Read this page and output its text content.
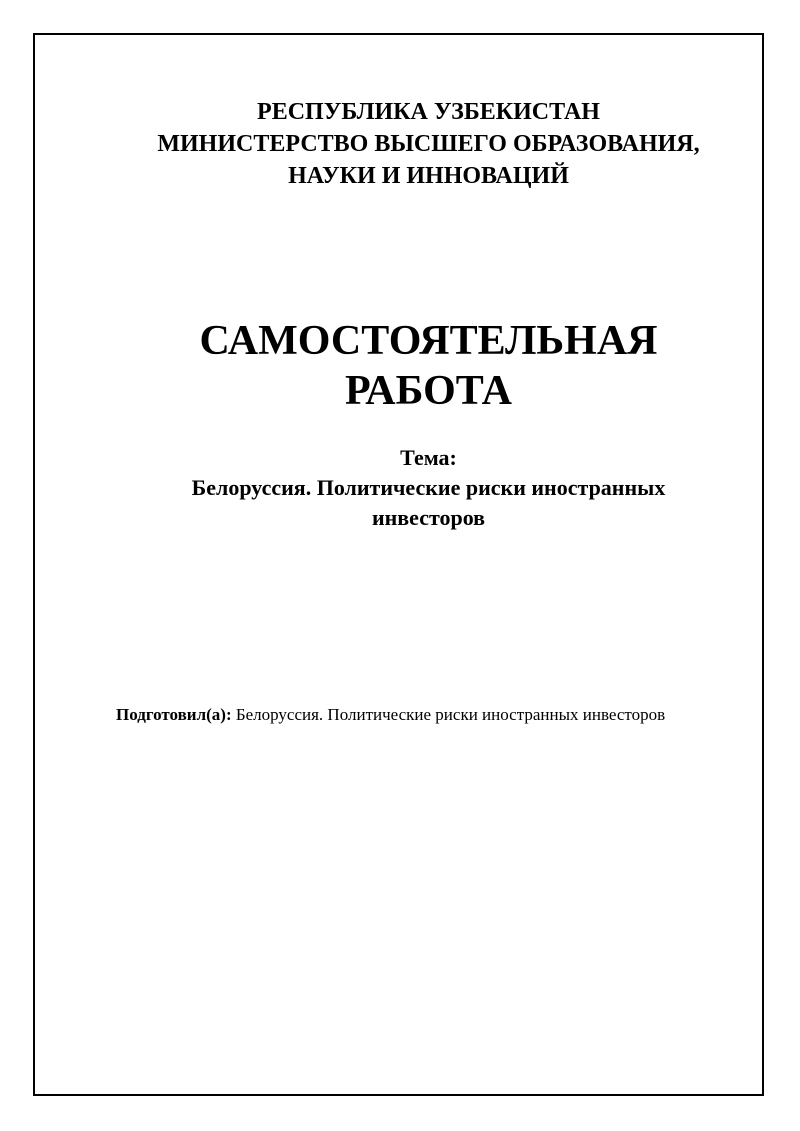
РЕСПУБЛИКА УЗБЕКИСТАН
МИНИСТЕРСТВО ВЫСШЕГО ОБРАЗОВАНИЯ,
НАУКИ И ИННОВАЦИЙ
САМОСТОЯТЕЛЬНАЯ
РАБОТА
Тема:
Белоруссия. Политические риски иностранных
инвесторов
Подготовил(а): Белоруссия. Политические риски иностранных инвесторов
